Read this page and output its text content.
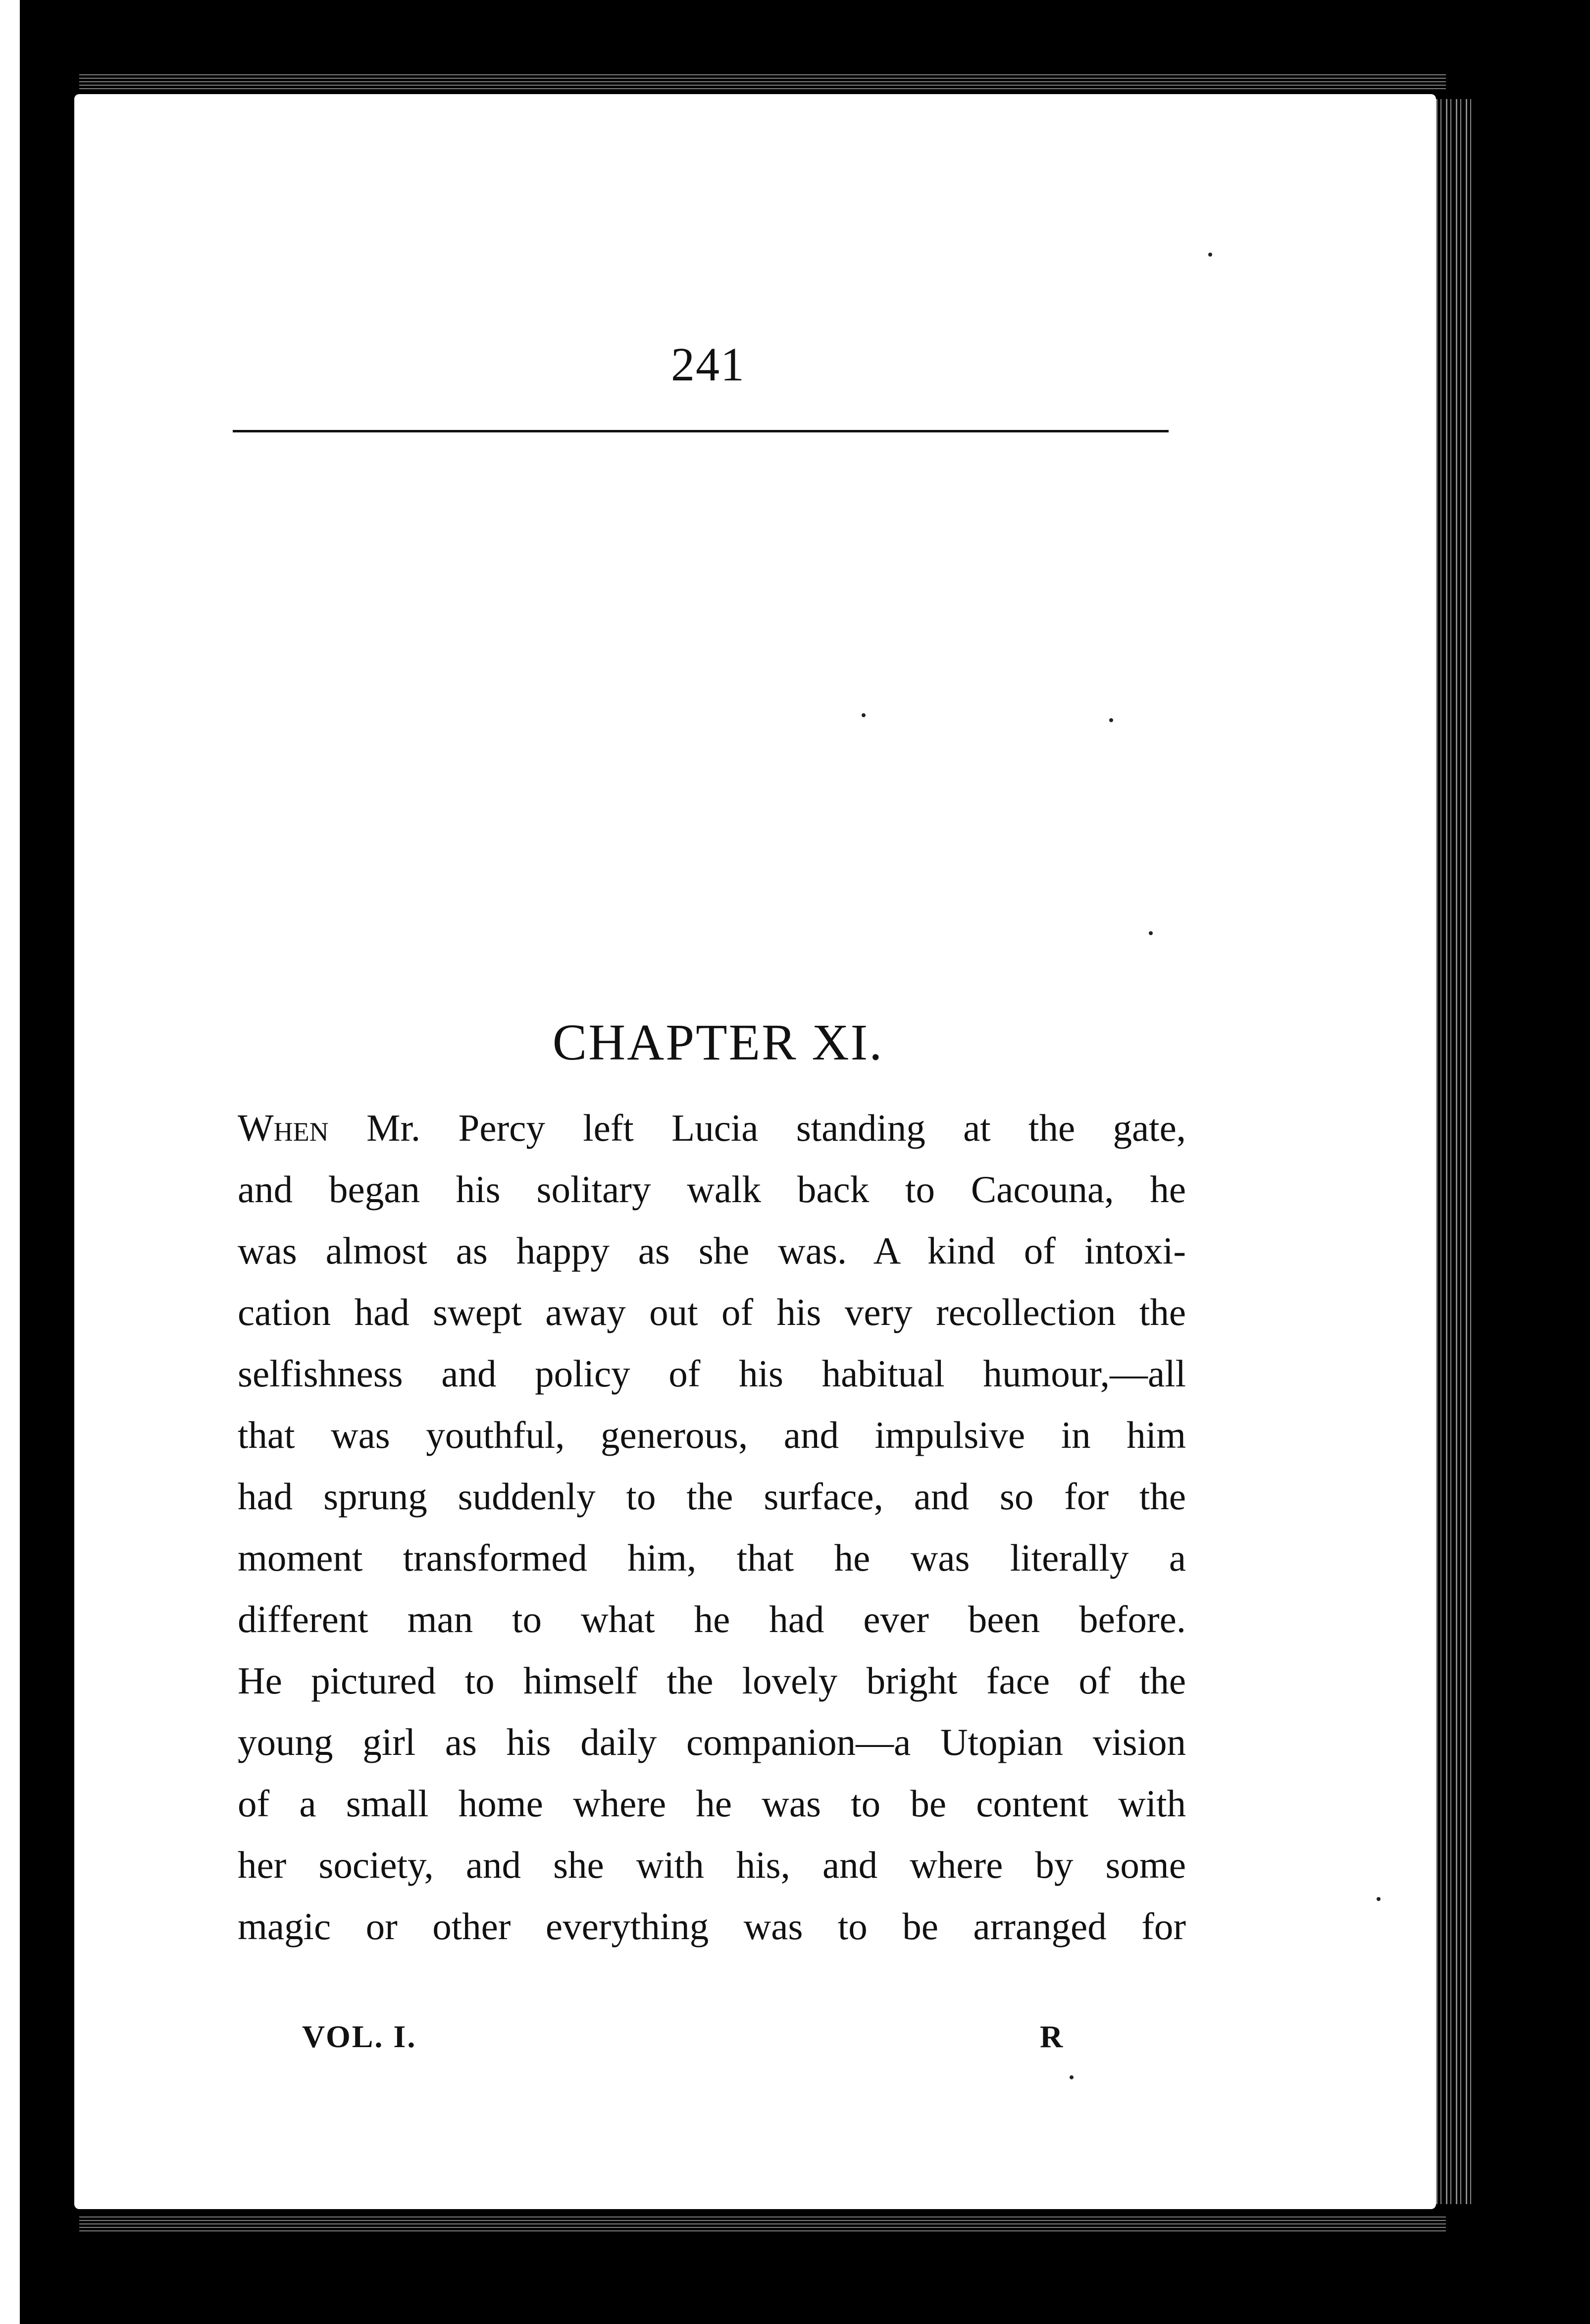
241
CHAPTER XI.
When Mr. Percy left Lucia standing at the gate,
and began his solitary walk back to Cacouna, he
was almost as happy as she was. A kind of intoxi-
cation had swept away out of his very recollection the
selfishness and policy of his habitual humour,—all
that was youthful, generous, and impulsive in him
had sprung suddenly to the surface, and so for the
moment transformed him, that he was literally a
different man to what he had ever been before.
He pictured to himself the lovely bright face of the
young girl as his daily companion—a Utopian vision
of a small home where he was to be content with
her society, and she with his, and where by some
magic or other everything was to be arranged for
VOL. I.	R
